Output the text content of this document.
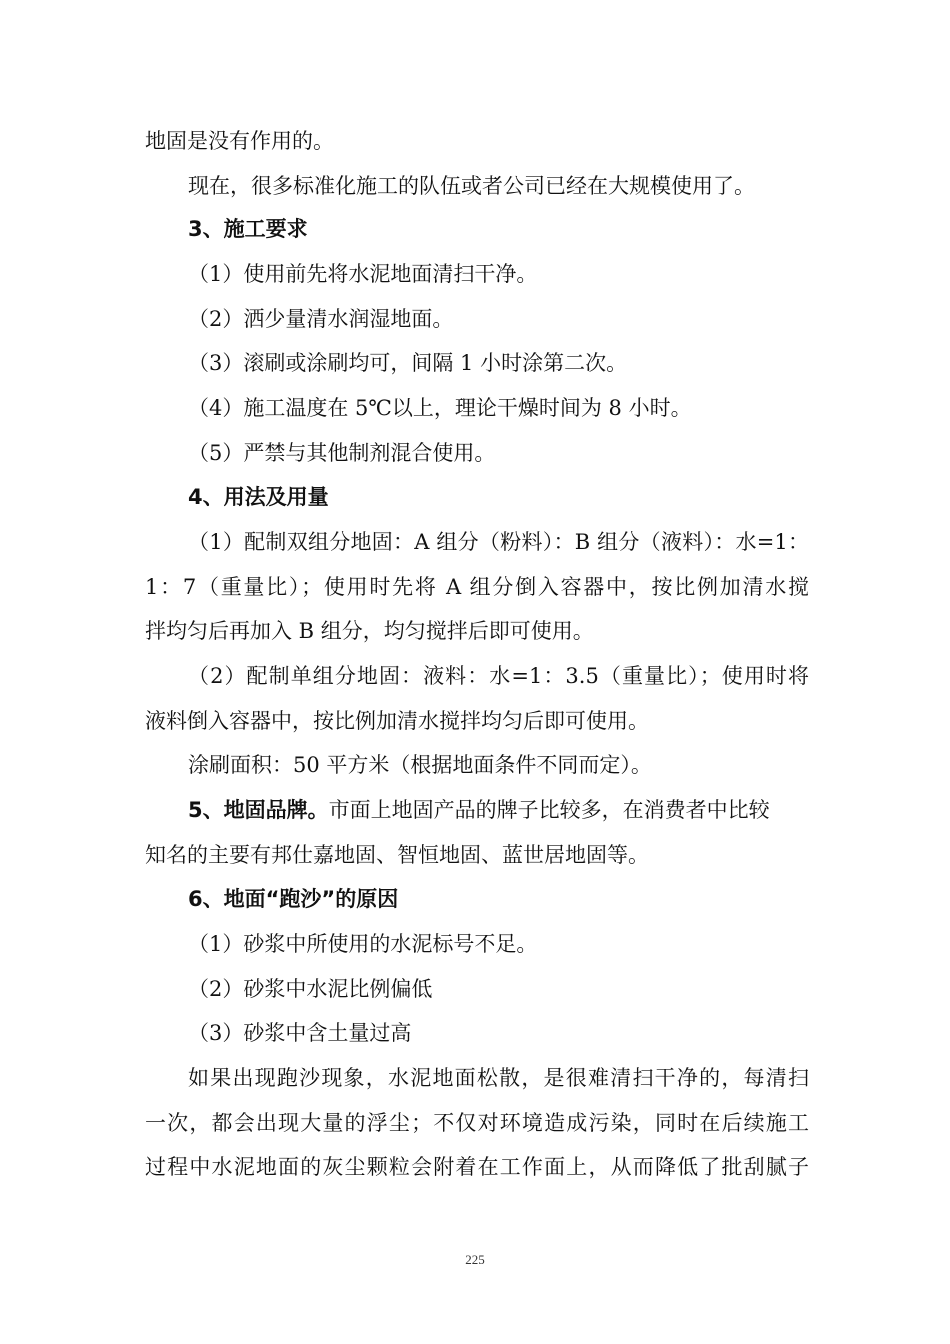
地固是没有作用的。
现在，很多标准化施工的队伍或者公司已经在大规模使用了。
3、施工要求
（1）使用前先将水泥地面清扫干净。
（2）洒少量清水润湿地面。
（3）滚刷或涂刷均可，间隔 1 小时涂第二次。
（4）施工温度在 5℃以上，理论干燥时间为 8 小时。
（5）严禁与其他制剂混合使用。
4、用法及用量
（1）配制双组分地固：A 组分（粉料）：B 组分（液料）：水=1：
1：7（重量比）；使用时先将 A 组分倒入容器中，按比例加清水搅
拌均匀后再加入 B 组分，均匀搅拌后即可使用。
（2）配制单组分地固：液料：水=1：3.5（重量比）；使用时将
液料倒入容器中，按比例加清水搅拌均匀后即可使用。
涂刷面积：50 平方米（根据地面条件不同而定）。
5、地固品牌。市面上地固产品的牌子比较多，在消费者中比较
知名的主要有邦仕嘉地固、智恒地固、蓝世居地固等。
6、地面“跑沙”的原因
（1）砂浆中所使用的水泥标号不足。
（2）砂浆中水泥比例偏低
（3）砂浆中含土量过高
如果出现跑沙现象，水泥地面松散，是很难清扫干净的，每清扫
一次，都会出现大量的浮尘；不仅对环境造成污染，同时在后续施工
过程中水泥地面的灰尘颗粒会附着在工作面上，从而降低了批刮腻子
225
